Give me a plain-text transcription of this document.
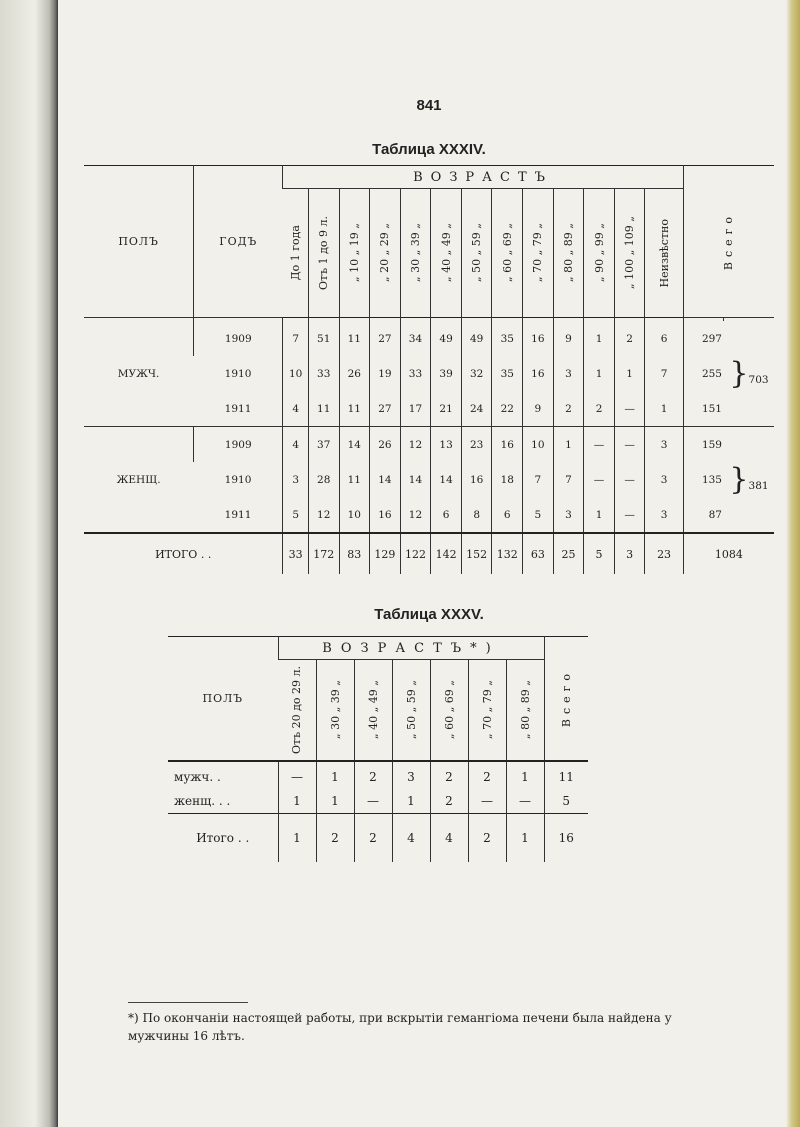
841
Таблица XXXIV.
ПОЛЪ	ГОДЪ	ВОЗРАСТЪ													Всего	

		До 1 года	Отъ 1 до 9 л.	„ 10 „ 19 „	„ 20 „ 29 „	„ 30 „ 39 „	„ 40 „ 49 „	„ 50 „ 59 „	„ 60 „ 69 „	„ 70 „ 79 „	„ 80 „ 89 „	„ 90 „ 99 „	„ 100 „ 109 „	Неизвѣстно		

МУЖЧ.	1909	7	51	11	27	34	49	49	35	16	9	1	2	6	297	}703
	1910	10	33	26	19	33	39	32	35	16	3	1	1	7	255	
	1911	4	11	11	27	17	21	24	22	9	2	2	—	1	151	
ЖЕНЩ.	1909	4	37	14	26	12	13	23	16	10	1	—	—	3	159	}381
	1910	3	28	11	14	14	14	16	18	7	7	—	—	3	135	
	1911	5	12	10	16	12	6	8	6	5	3	1	—	3	87	
ИТОГО . .		33	172	83	129	122	142	152	132	63	25	5	3	23	1084	
Таблица XXXV.
ПОЛЪ	ВОЗРАСТЪ*)							Всего

	Отъ 20 до 29 л.	„ 30 „ 39 „	„ 40 „ 49 „	„ 50 „ 59 „	„ 60 „ 69 „	„ 70 „ 79 „	„ 80 „ 89 „	

мужч. .	—	1	2	3	2	2	1	11
женщ. . .	1	1	—	1	2	—	—	5
Итого . .	1	2	2	4	4	2	1	16
*) По окончаніи настоящей работы, при вскрытіи гемангіома печени была найдена у мужчины 16 лѣтъ.
